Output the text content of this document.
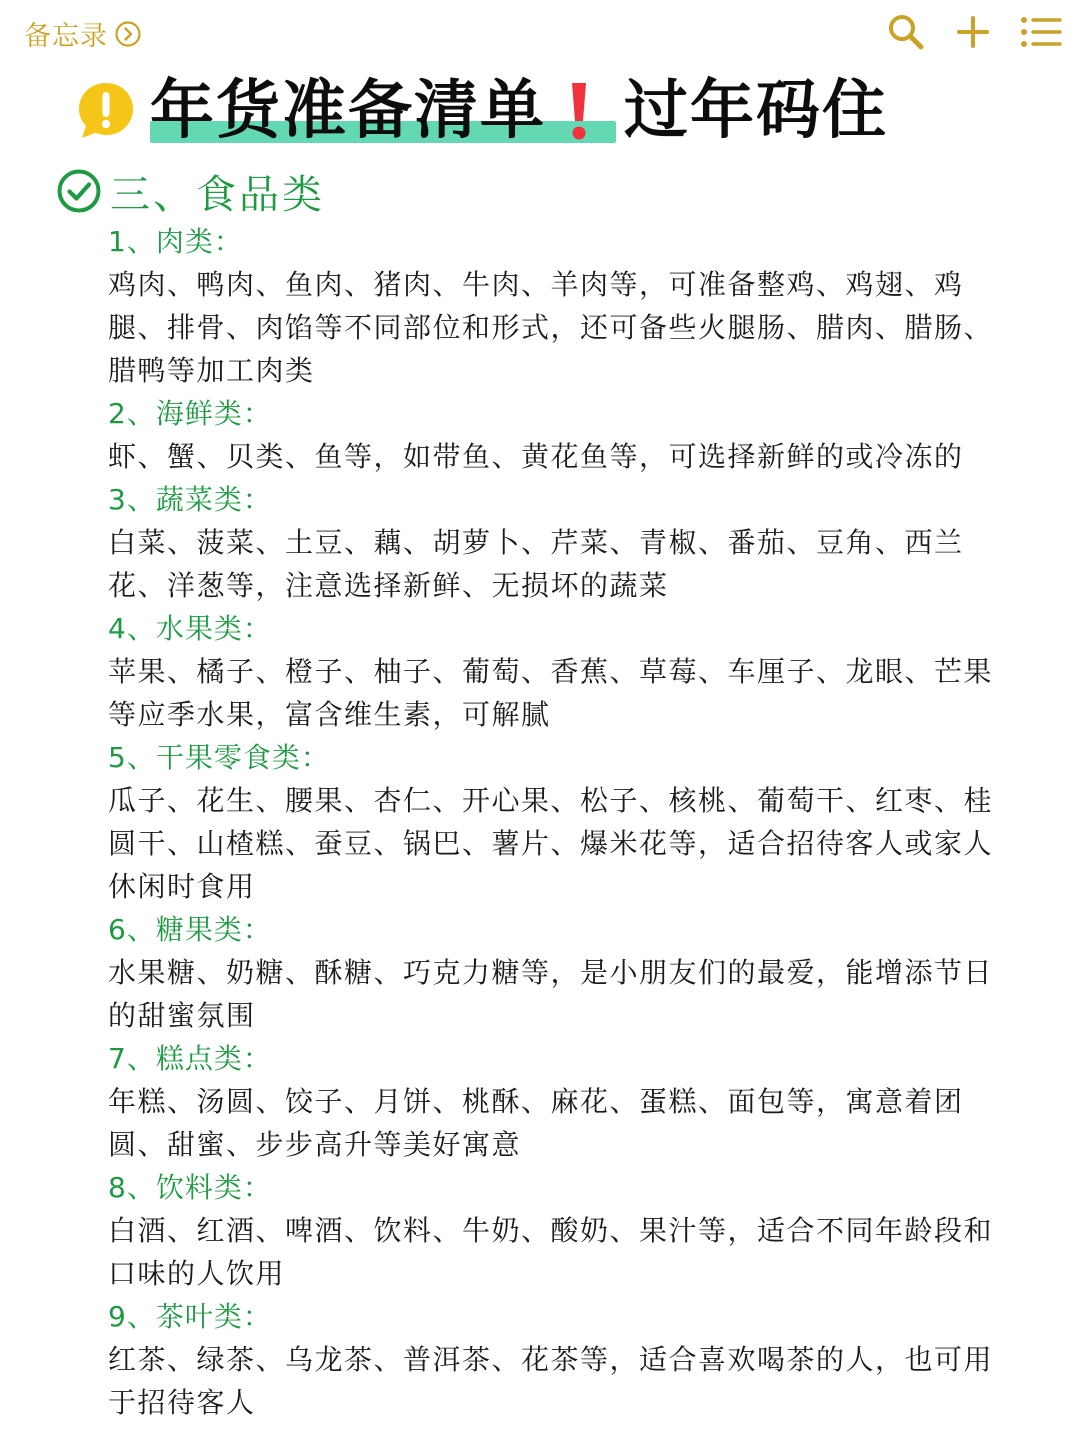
备忘录
年货准备清单 过年码住
三、食品类
1、肉类：
鸡肉、鸭肉、鱼肉、猪肉、牛肉、羊肉等，可准备整鸡、鸡翅、鸡
腿、排骨、肉馅等不同部位和形式，还可备些火腿肠、腊肉、腊肠、
腊鸭等加工肉类
2、海鲜类：
虾、蟹、贝类、鱼等，如带鱼、黄花鱼等，可选择新鲜的或冷冻的
3、蔬菜类：
白菜、菠菜、土豆、藕、胡萝卜、芹菜、青椒、番茄、豆角、西兰
花、洋葱等，注意选择新鲜、无损坏的蔬菜
4、水果类：
苹果、橘子、橙子、柚子、葡萄、香蕉、草莓、车厘子、龙眼、芒果
等应季水果，富含维生素，可解腻
5、干果零食类：
瓜子、花生、腰果、杏仁、开心果、松子、核桃、葡萄干、红枣、桂
圆干、山楂糕、蚕豆、锅巴、薯片、爆米花等，适合招待客人或家人
休闲时食用
6、糖果类：
水果糖、奶糖、酥糖、巧克力糖等，是小朋友们的最爱，能增添节日
的甜蜜氛围
7、糕点类：
年糕、汤圆、饺子、月饼、桃酥、麻花、蛋糕、面包等，寓意着团
圆、甜蜜、步步高升等美好寓意
8、饮料类：
白酒、红酒、啤酒、饮料、牛奶、酸奶、果汁等，适合不同年龄段和
口味的人饮用
9、茶叶类：
红茶、绿茶、乌龙茶、普洱茶、花茶等，适合喜欢喝茶的人，也可用
于招待客人
